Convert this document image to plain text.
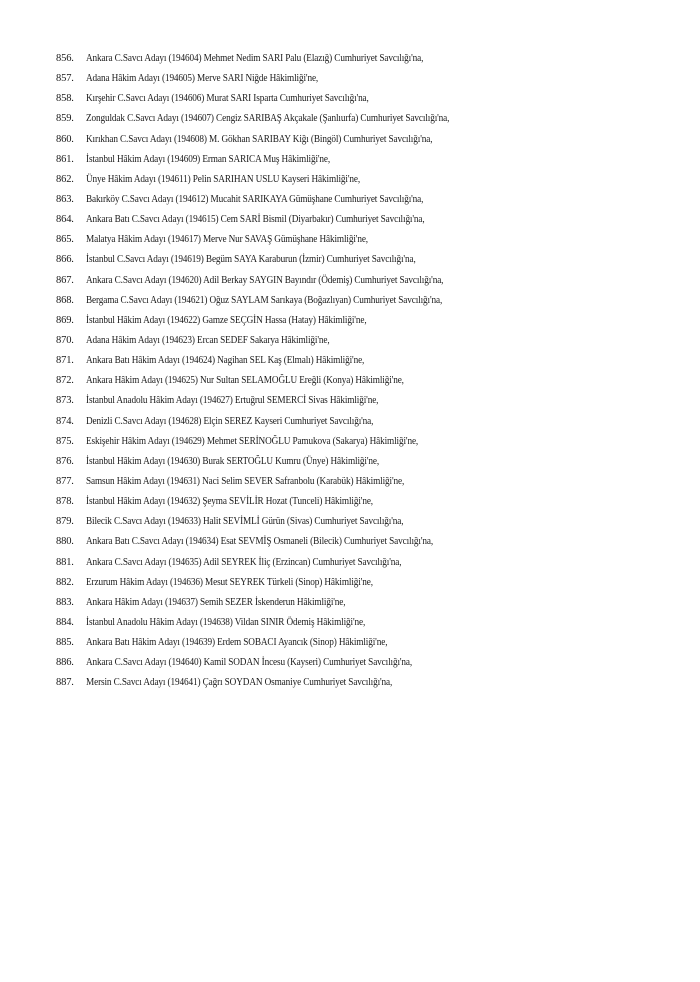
856.	Ankara C.Savcı Adayı (194604) Mehmet Nedim SARI Palu (Elazığ) Cumhuriyet Savcılığı'na,
857.	Adana Hâkim Adayı (194605) Merve SARI Niğde Hâkimliği'ne,
858.	Kırşehir C.Savcı Adayı (194606) Murat SARI Isparta Cumhuriyet Savcılığı'na,
859.	Zonguldak C.Savcı Adayı (194607) Cengiz SARIBAŞ Akçakale (Şanlıurfa) Cumhuriyet Savcılığı'na,
860.	Kırıkhan C.Savcı Adayı (194608) M. Gökhan SARIBAY Kiğı (Bingöl) Cumhuriyet Savcılığı'na,
861.	İstanbul Hâkim Adayı (194609) Erman SARICA Muş Hâkimliği'ne,
862.	Ünye Hâkim Adayı (194611) Pelin SARIHAN USLU Kayseri Hâkimliği'ne,
863.	Bakırköy C.Savcı Adayı (194612) Mucahit SARIKAYA Gümüşhane Cumhuriyet Savcılığı'na,
864.	Ankara Batı C.Savcı Adayı (194615) Cem SARİ Bismil (Diyarbakır) Cumhuriyet Savcılığı'na,
865.	Malatya Hâkim Adayı (194617) Merve Nur SAVAŞ Gümüşhane Hâkimliği'ne,
866.	İstanbul C.Savcı Adayı (194619) Begüm SAYA Karaburun (İzmir) Cumhuriyet Savcılığı'na,
867.	Ankara C.Savcı Adayı (194620) Adil Berkay SAYGIN Bayındır (Ödemiş) Cumhuriyet Savcılığı'na,
868.	Bergama C.Savcı Adayı (194621) Oğuz SAYLAM Sarıkaya (Boğazlıyan) Cumhuriyet Savcılığı'na,
869.	İstanbul Hâkim Adayı (194622) Gamze SEÇGİN Hassa (Hatay) Hâkimliği'ne,
870.	Adana Hâkim Adayı (194623) Ercan SEDEF Sakarya Hâkimliği'ne,
871.	Ankara Batı Hâkim Adayı (194624) Nagihan SEL Kaş (Elmalı) Hâkimliği'ne,
872.	Ankara Hâkim Adayı (194625) Nur Sultan SELAMOĞLU Ereğli (Konya) Hâkimliği'ne,
873.	İstanbul Anadolu Hâkim Adayı (194627) Ertuğrul SEMERCİ Sivas Hâkimliği'ne,
874.	Denizli C.Savcı Adayı (194628) Elçin SEREZ Kayseri Cumhuriyet Savcılığı'na,
875.	Eskişehir Hâkim Adayı (194629) Mehmet SERİNOĞLU Pamukova (Sakarya) Hâkimliği'ne,
876.	İstanbul Hâkim Adayı (194630) Burak SERTOĞLU Kumru (Ünye) Hâkimliği'ne,
877.	Samsun Hâkim Adayı (194631) Naci Selim SEVER Safranbolu (Karabük) Hâkimliği'ne,
878.	İstanbul Hâkim Adayı (194632) Şeyma SEVİLİR Hozat (Tunceli) Hâkimliği'ne,
879.	Bilecik C.Savcı Adayı (194633) Halit SEVİMLİ Gürün (Sivas) Cumhuriyet Savcılığı'na,
880.	Ankara Batı C.Savcı Adayı (194634) Esat SEVMİŞ Osmaneli (Bilecik) Cumhuriyet Savcılığı'na,
881.	Ankara C.Savcı Adayı (194635) Adil SEYREK İliç (Erzincan) Cumhuriyet Savcılığı'na,
882.	Erzurum Hâkim Adayı (194636) Mesut SEYREK Türkeli (Sinop) Hâkimliği'ne,
883.	Ankara Hâkim Adayı (194637) Semih SEZER İskenderun Hâkimliği'ne,
884.	İstanbul Anadolu Hâkim Adayı (194638) Vildan SINIR Ödemiş Hâkimliği'ne,
885.	Ankara Batı Hâkim Adayı (194639) Erdem SOBACI Ayancık (Sinop) Hâkimliği'ne,
886.	Ankara C.Savcı Adayı (194640) Kamil SODAN İncesu (Kayseri) Cumhuriyet Savcılığı'na,
887.	Mersin C.Savcı Adayı (194641) Çağrı SOYDAN Osmaniye Cumhuriyet Savcılığı'na,
